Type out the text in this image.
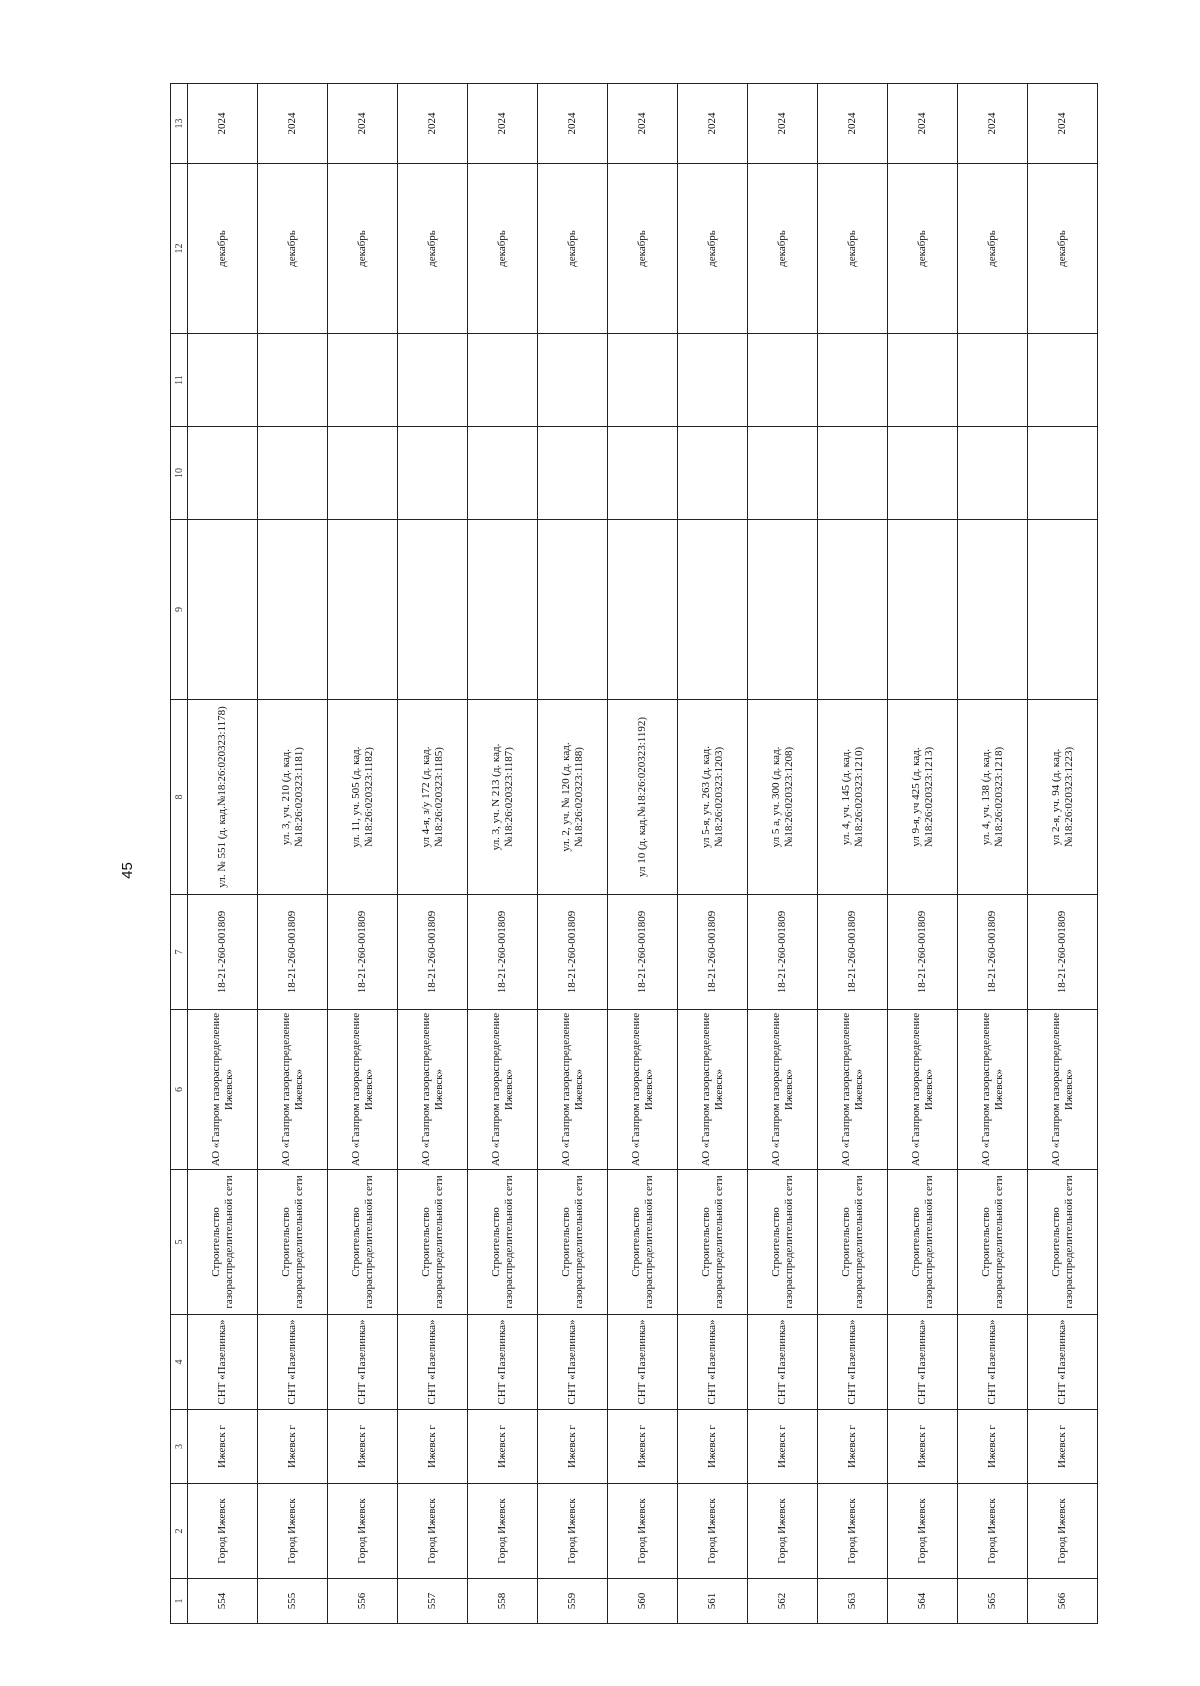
45
1	2	3	4	5	6	7	8	9	10	11	12	13
554	Город Ижевск	Ижевск г	СНТ «Пазелинка»	Строительство газораспределительной сети	АО «Газпром газораспределение Ижевск»	18-21-260-001809	ул. № 551 (д. кад.№18:26:020323:1178)				декабрь	2024
555	Город Ижевск	Ижевск г	СНТ «Пазелинка»	Строительство газораспределительной сети	АО «Газпром газораспределение Ижевск»	18-21-260-001809	ул. 3, уч. 210 (д. кад.№18:26:020323:1181)				декабрь	2024
556	Город Ижевск	Ижевск г	СНТ «Пазелинка»	Строительство газораспределительной сети	АО «Газпром газораспределение Ижевск»	18-21-260-001809	ул. 11, уч. 505 (д. кад.№18:26:020323:1182)				декабрь	2024
557	Город Ижевск	Ижевск г	СНТ «Пазелинка»	Строительство газораспределительной сети	АО «Газпром газораспределение Ижевск»	18-21-260-001809	ул 4-я, з/у 172 (д. кад.№18:26:020323:1185)				декабрь	2024
558	Город Ижевск	Ижевск г	СНТ «Пазелинка»	Строительство газораспределительной сети	АО «Газпром газораспределение Ижевск»	18-21-260-001809	ул. 3, уч. N 213 (д. кад.№18:26:020323:1187)				декабрь	2024
559	Город Ижевск	Ижевск г	СНТ «Пазелинка»	Строительство газораспределительной сети	АО «Газпром газораспределение Ижевск»	18-21-260-001809	ул. 2, уч. № 120 (д. кад.№18:26:020323:1188)				декабрь	2024
560	Город Ижевск	Ижевск г	СНТ «Пазелинка»	Строительство газораспределительной сети	АО «Газпром газораспределение Ижевск»	18-21-260-001809	ул 10 (д. кад.№18:26:020323:1192)				декабрь	2024
561	Город Ижевск	Ижевск г	СНТ «Пазелинка»	Строительство газораспределительной сети	АО «Газпром газораспределение Ижевск»	18-21-260-001809	ул 5-я, уч. 263 (д. кад.№18:26:020323:1203)				декабрь	2024
562	Город Ижевск	Ижевск г	СНТ «Пазелинка»	Строительство газораспределительной сети	АО «Газпром газораспределение Ижевск»	18-21-260-001809	ул 5 а, уч. 300 (д. кад.№18:26:020323:1208)				декабрь	2024
563	Город Ижевск	Ижевск г	СНТ «Пазелинка»	Строительство газораспределительной сети	АО «Газпром газораспределение Ижевск»	18-21-260-001809	ул. 4, уч. 145 (д. кад.№18:26:020323:1210)				декабрь	2024
564	Город Ижевск	Ижевск г	СНТ «Пазелинка»	Строительство газораспределительной сети	АО «Газпром газораспределение Ижевск»	18-21-260-001809	ул 9-я, уч 425 (д. кад.№18:26:020323:1213)				декабрь	2024
565	Город Ижевск	Ижевск г	СНТ «Пазелинка»	Строительство газораспределительной сети	АО «Газпром газораспределение Ижевск»	18-21-260-001809	ул. 4, уч. 138 (д. кад.№18:26:020323:1218)				декабрь	2024
566	Город Ижевск	Ижевск г	СНТ «Пазелинка»	Строительство газораспределительной сети	АО «Газпром газораспределение Ижевск»	18-21-260-001809	ул 2-я, уч. 94 (д. кад.№18:26:020323:1223)				декабрь	2024
